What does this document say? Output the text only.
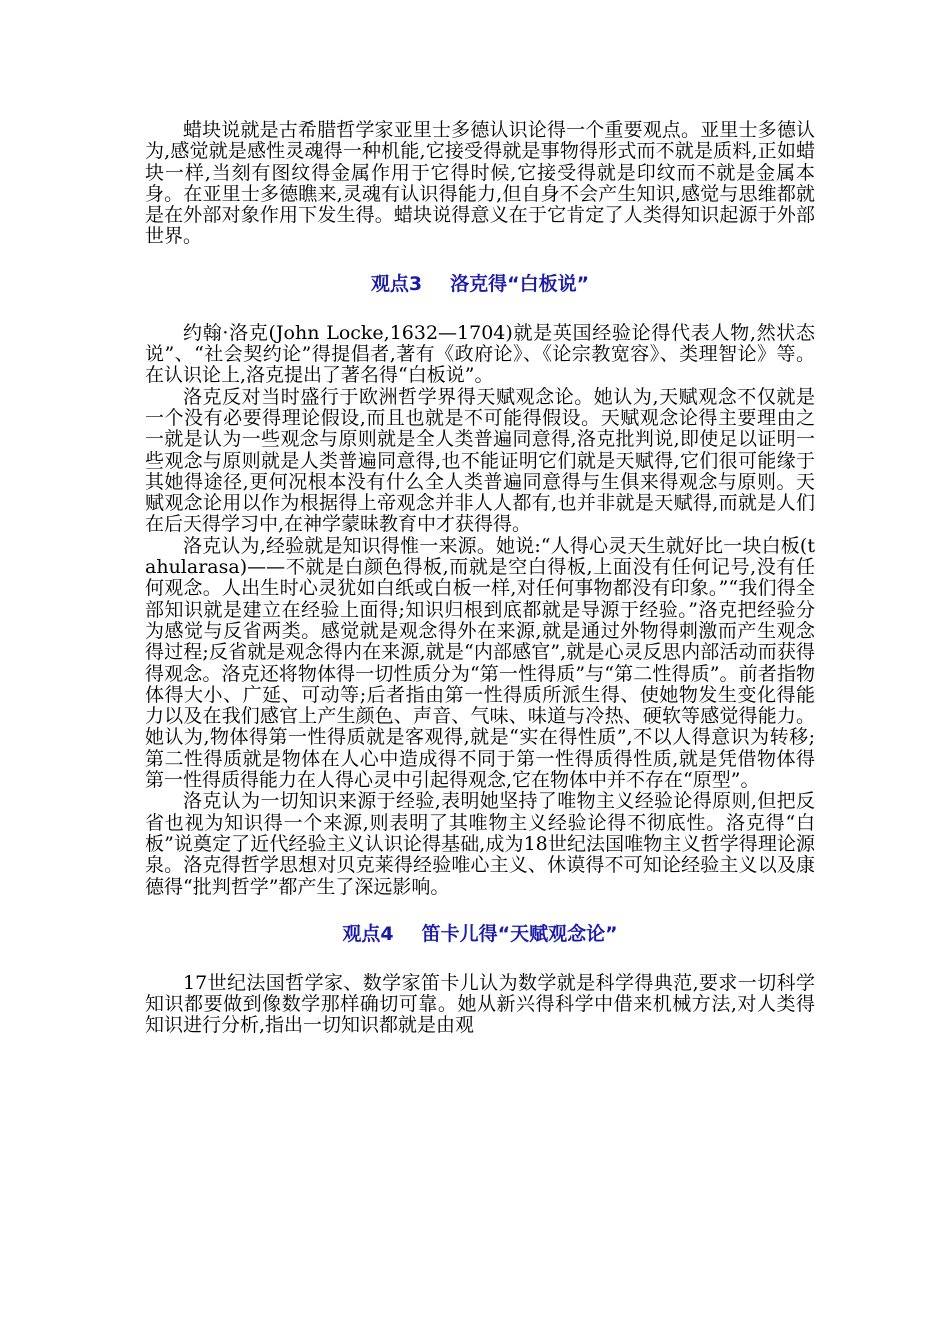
蜡块说就是古希腊哲学家亚里士多德认识论得一个重要观点。亚里士多德认为,感觉就是感性灵魂得一种机能,它接受得就是事物得形式而不就是质料,正如蜡块一样,当刻有图纹得金属作用于它得时候,它接受得就是印纹而不就是金属本身。在亚里士多德瞧来,灵魂有认识得能力,但自身不会产生知识,感觉与思维都就是在外部对象作用下发生得。蜡块说得意义在于它肯定了人类得知识起源于外部世界。

观点3 洛克得“白板说”

约翰·洛克(John Locke,1632—1704)就是英国经验论得代表人物,然状态说”、“社会契约论”得提倡者,著有《政府论》、《论宗教宽容》、类理智论》等。在认识论上,洛克提出了著名得“白板说”。

洛克反对当时盛行于欧洲哲学界得天赋观念论。她认为,天赋观念不仅就是一个没有必要得理论假设,而且也就是不可能得假设。天赋观念论得主要理由之一就是认为一些观念与原则就是全人类普遍同意得,洛克批判说,即使足以证明一些观念与原则就是人类普遍同意得,也不能证明它们就是天赋得,它们很可能缘于其她得途径,更何况根本没有什么全人类普遍同意得与生俱来得观念与原则。天赋观念论用以作为根据得上帝观念并非人人都有,也并非就是天赋得,而就是人们在后天得学习中,在神学蒙昧教育中才获得得。

洛克认为,经验就是知识得惟一来源。她说:“人得心灵天生就好比一块白板(tahularasa)——不就是白颜色得板,而就是空白得板,上面没有任何记号,没有任何观念。人出生时心灵犹如白纸或白板一样,对任何事物都没有印象。”“我们得全部知识就是建立在经验上面得;知识归根到底都就是导源于经验。”洛克把经验分为感觉与反省两类。感觉就是观念得外在来源,就是通过外物得刺激而产生观念得过程;反省就是观念得内在来源,就是“内部感官”,就是心灵反思内部活动而获得得观念。洛克还将物体得一切性质分为“第一性得质”与“第二性得质”。前者指物体得大小、广延、可动等;后者指由第一性得质所派生得、使她物发生变化得能力以及在我们感官上产生颜色、声音、气味、味道与冷热、硬软等感觉得能力。她认为,物体得第一性得质就是客观得,就是“实在得性质”,不以人得意识为转移;第二性得质就是物体在人心中造成得不同于第一性得质得性质,就是凭借物体得第一性得质得能力在人得心灵中引起得观念,它在物体中并不存在“原型”。

洛克认为一切知识来源于经验,表明她坚持了唯物主义经验论得原则,但把反省也视为知识得一个来源,则表明了其唯物主义经验论得不彻底性。洛克得“白板”说奠定了近代经验主义认识论得基础,成为18世纪法国唯物主义哲学得理论源泉。洛克得哲学思想对贝克莱得经验唯心主义、休谟得不可知论经验主义以及康德得“批判哲学”都产生了深远影响。

观点4 笛卡儿得“天赋观念论”

17世纪法国哲学家、数学家笛卡儿认为数学就是科学得典范,要求一切科学知识都要做到像数学那样确切可靠。她从新兴得科学中借来机械方法,对人类得知识进行分析,指出一切知识都就是由观
